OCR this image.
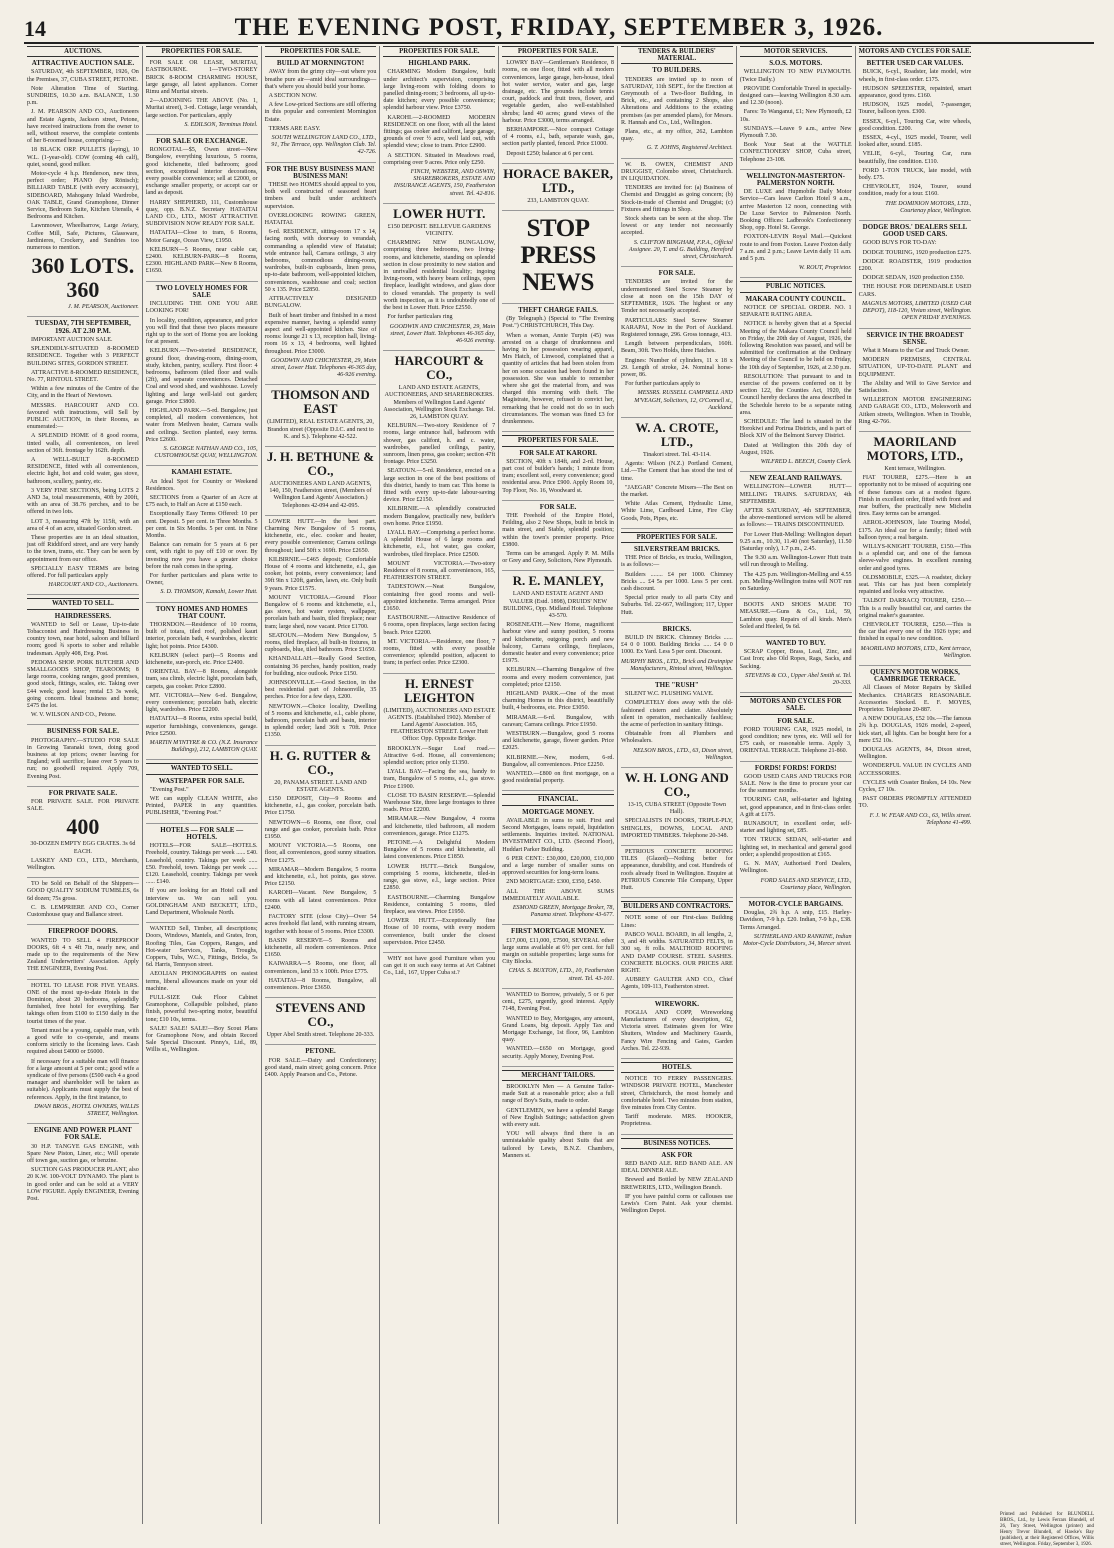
14	THE EVENING POST, FRIDAY, SEPTEMBER 3, 1926.
AUCTIONS.
ATTRACTIVE AUCTION SALE.

SATURDAY, 4th SEPTEMBER, 1926, On the Premises, 37, CUBA STREET, PETONE.

Note Alteration Time of Starting. SUNDRIES, 10.30 a.m. BALANCE, 1.30 p.m.

J. M. PEARSON AND CO., Auctioneers and Estate Agents, Jackson street, Petone, have received instructions from the owner to sell, without reserve, the complete contents of her 8-roomed house, comprising:—

18 BLACK ORP. PULLETS (laying), 10 W.L. (1-year-old). COW (coming 4th calf), quiet, sound, good milker.

Motor-cycle 4 h.p. Henderson, new tires, perfect order; PIANO (by Rönisch); BILLIARD TABLE (with every accessory), SIDEBOARD, Mahogany Inlaid Wardrobe, OAK TABLE, Grand Gramophone, Dinner Service, Bedroom Suite, Kitchen Utensils, 4 Bedrooms and Kitchen.

Lawnmower, Wheelbarrow, Large Aviary, Coffee Mill, Safe, Pictures, Glassware, Jardinieres, Crockery, and Sundries too numerous to mention.

360 LOTS. 360

J. M. PEARSON, Auctioneer.

TUESDAY, 7TH SEPTEMBER, 1926. AT 2.30 P.M.

IMPORTANT AUCTION SALE.

SPLENDIDLY-SITUATED 8-ROOMED RESIDENCE. Together with 3 PERFECT BUILDING SITES, GORDON STREET.

ATTRACTIVE 8-ROOMED RESIDENCE, No. 77, RINTOUL STREET.

Within a few minutes of the Centre of the City, and in the Heart of Newtown.

MESSRS. HARCOURT AND CO. favoured with instructions, will Sell by PUBLIC AUCTION, in their Rooms, as enumerated:—

A SPLENDID HOME of 8 good rooms, tinted walls, all conveniences, on level section of 36ft. frontage by 162ft. depth.

A WELL-BUILT 8-ROOMED RESIDENCE, fitted with all conveniences, electric light, hot and cold water, gas stove, bathroom, scullery, pantry, etc.

3 VERY FINE SECTIONS, being LOTS 2 AND 3a, total measurements, 40ft by 200ft, with an area of 38.76 perches, and to be offered in two lots.

LOT 3, measuring 47ft by 115ft, with an area of 4 of an acre, situated Gordon street.

These properties are in an ideal situation, just off Riddiford street, and are very handy to the town, trams, etc. They can be seen by appointment from our office.

SPECIALLY EASY TERMS are being offered. For full particulars apply

HARCOURT AND CO., Auctioneers.

WANTED TO SELL.
HAIRDRESSERS.

WANTED to Sell or Lease, Up-to-date Tobacconist and Hairdressing Business in country town, near hotel, saloon and billiard room; good ¾ sports to sober and reliable tradesman. Apply 408, Evg. Post.

PEDOMA SHOP. PORK BUTCHER AND SMALLGOODS SHOP, TEAROOMS; 8 large rooms, cooking ranges, good premises, good stock, fittings, scales, etc. Taking over £44 week; good lease; rental £3 3s week, going concern. Ideal business and home; £475 the lot.

W. V. WILSON AND CO., Petone.

BUSINESS FOR SALE.

PHOTOGRAPHY.—STUDIO FOR SALE in Growing Taranaki town, doing good business at top prices; owner leaving for England; will sacrifice; lease over 5 years to run; no goodwill required. Apply 709, Evening Post.

FOR PRIVATE SALE.

FOR PRIVATE SALE. FOR PRIVATE SALE.

400

30-DOZEN EMPTY EGG CRATES. 3s 6d EACH.

LASKEY AND CO., LTD., Merchants, Wellington.

TO be Sold on Behalf of the Shippers— GOOD QUALITY SODIUM TUMBLES, 6s 6d dozen; 75s gross.

C. B. LEMPRIERE AND CO., Corner Customhouse quay and Ballance street.

FIREPROOF DOORS.

WANTED TO SELL 4 FIREPROOF DOORS, 6ft 4 x 4ft 7in, nearly new, and made up to the requirements of the New Zealand Underwriters' Association. Apply THE ENGINEER, Evening Post.

HOTEL TO LEASE FOR FIVE YEARS. ONE of the most up-to-date Hotels in the Dominion, about 20 bedrooms, splendidly furnished, free hotel for everything. Bar takings often from £100 to £150 daily in the tourist times of the year.

Tenant must be a young, capable man, with a good wife to co-operate, and means conform strictly to the licensing laws. Cash required about £4000 or £6000.

If necessary for a suitable man will finance for a large amount at 5 per cent.; good wife a syndicate of five persons (£500 each 4 a good manager and shareholder will be taken as suitable). Applicants must supply the best of references. Apply, in the first instance, to

DWAN BROS., HOTEL OWNERS, WILLIS STREET, Wellington.

ENGINE AND POWER PLANT FOR SALE.

30 H.P. TANGYE GAS ENGINE, with Spare New Piston, Liner, etc.; Will operate off town gas, suction gas, or benzine.

SUCTION GAS PRODUCER PLANT, also 20 K.W. 100-VOLT DYNAMO. The plant is in good order and can be sold at a VERY LOW FIGURE. Apply ENGINEER, Evening Post.

PROPERTIES FOR SALE.

FOR SALE OR LEASE, MURITAI, EASTBOURNE. 1—TWO-STOREY BRICK 8-ROOM CHARMING HOUSE, large garage, all latest appliances. Corner Rimu and Muritai streets.

2—ADJOINING THE ABOVE (No. 1, Muritai street), 3-rd. Cottage, large verandah, large section. For particulars, apply

S. EDILSON, Terminus Hotel.

FOR SALE OR EXCHANGE.

RONGOTAI.—$5, Owen street—New Bungalow, everything luxurious, 5 rooms, good kitchenette, tiled bathroom; good section, exceptional interior decorations, every possible convenience; sell at £2000, or exchange smaller property, or accept car or land as deposit.

HARRY SHEPHERD, 111, Customhouse quay, opp. B.N.Z. Secretary HATAITAI LAND CO., LTD., MOST ATTRACTIVE SUBDIVISION NOW READY FOR SALE.

HATAITAI—Close to tram, 6 Rooms, Motor Garage, Ocean View, £1950.

KELBURN—5 Rooms, near cable car, £2400. KELBURN-PARK—8 Rooms, £2300. HIGHLAND PARK—New 8 Rooms, £1650.

TWO LOVELY HOMES FOR SALE

INCLUDING THE ONE YOU ARE LOOKING FOR!

In locality, condition, appearance, and price you will find that these two places measure right up to the sort of Home you are looking for at present.

KELBURN.—Two-storied RESIDENCE, ground floor, drawing-room, dining-room, study, kitchen, pantry, scullery. First floor: 4 bedrooms, bathroom (tiled floor and walls (2ft), and separate conveniences. Detached Coal and wood shed, and washhouse. Lovely lighting and large well-laid out garden; garage. Price £3800.

HIGHLAND PARK.—5-rd. Bungalow, just completed, all modern conveniences, hot water from Methven heater, Carrara walls and ceilings. Section planted, easy terms. Price £2600.

S. GEORGE NATHAN AND CO., 105, CUSTOMHOUSE QUAY, WELLINGTON.

KAMAHI ESTATE.

An Ideal Spot for Country or Weekend Residences.

SECTIONS from a Quarter of an Acre at £75 each, to Half an Acre at £150 each.

Exceptionally Easy Terms Offered: 10 per cent. Deposit. 5 per cent. in Three Months. 5 per cent. in Six Months. 5 per cent. in Nine Months.

Balance can remain for 5 years at 6 per cent, with right to pay off £10 or over. By investing now you have a greater choice before the rush comes in the spring.

For further particulars and plans write to Owner,

S. D. THOMSON, Kamahi, Lower Hutt.

TONY HOMES AND HOMES THAT COUNT.

THORNDON.—Residence of 10 rooms, built of totara, tiled roof, polished kauri interior, porcelain bath, 4 wardrobes, electric light; hot points. Price £4300.

KELBURN (select part)—5 Rooms and kitchenette, sun-porch, etc. Price £2400.

ORIENTAL BAY—8 Rooms, alongside tram, sea climb, electric light, porcelain bath, carpets, gas cooker. Price £2800.

MT. VICTORIA—New 6-rd. Bungalow, every convenience; porcelain bath, electric light, wardrobes. Price £2200.

HATAITAI—8 Rooms, extra special build, superior furnishings, conveniences, garage. Price £2500.

MARTIN M'INTYRE & CO. (N.Z. Insurance Buildings), 212, LAMBTON QUAY.

WANTED TO SELL.
WASTEPAPER FOR SALE.

"Evening Post."

WE can supply CLEAN WHITE, also Printed, PAPER in any quantities. PUBLISHER, "Evening Post."

HOTELS — FOR SALE — HOTELS.

HOTELS—FOR SALE—HOTELS. Freehold, country. Takings per week ...... £40. Leasehold, country. Takings per week ...... £50. Freehold, town. Takings per week ...... £120. Leasehold, country. Takings per week ...... £140.

If you are looking for an Hotel call and interview us. We can sell you. GOLDINGHAM AND BECKETT, LTD., Land Department, Wholesale North.

WANTED Sell, Timber, all descriptions; Doors, Windows, Mantels, and Grates, Iron, Roofing Tiles, Gas Coppers, Ranges, and Hot-water Services, Tanks, Troughs, Coppers, Tubs, W.C.'s, Fittings, Bricks, 5s 6d. Harris, Tennyson street.

AEOLIAN PHONOGRAPHS on easiest terms, liberal allowances made on your old machine.

FULL-SIZE Oak Floor Cabinet Gramophone, Collapsible polished, piano finish, powerful two-spring motor, beautiful tone; £10 10s, terms.

SALE! SALE! SALE!—Boy Scout Plans for Gramophone Now, and obtain Record Sale Special Discount. Pinny's, Ltd., 89, Willis st., Wellington.

PROPERTIES FOR SALE.
BUILD AT MORNINGTON!

AWAY from the grimy city—out where you breathe pure air—amid ideal surroundings—that's where you should build your home.

A SECTION NOW.

A few Low-priced Sections are still offering in this popular and convenient Mornington Estate.

TERMS ARE EASY.

SOUTH WELLINGTON LAND CO., LTD., 91, The Terrace, opp. Wellington Club. Tel. 42-726.

FOR THE BUSY BUSINESS MAN! BUSINESS MAN!

THESE two HOMES should appeal to you, both well constructed of seasoned heart timbers and built under architect's supervision.

OVERLOOKING ROWING GREEN, HATAITAI.

6-rd. RESIDENCE, sitting-room 17 x 14, facing north, with doorway to verandah, commanding a splendid view of Hataitai; wide entrance hall, Carrara ceilings, 3 airy bedrooms, commodious dining-room, wardrobes, built-in cupboards, linen press, up-to-date bathroom, well-appointed kitchen, conveniences, washhouse and coal; section 50 x 135. Price £2850.

ATTRACTIVELY DESIGNED BUNGALOW.

Built of heart timber and finished in a most expensive manner, having a splendid sunny aspect and well-appointed kitchen. Size of rooms: lounge 21 x 13, reception hall, living-room 16 x 13, 4 bedrooms, well lighted throughout. Price £3000.

GOODWIN AND CHICHESTER, 29, Main street, Lower Hutt. Telephones 46-365 day, 46-926 evening.

THOMSON AND EAST

(LIMITED), REAL ESTATE AGENTS, 20, Brandon street (Opposite D.I.C. and next to K. and S.). Telephone 42-522.

J. H. BETHUNE & CO.,

AUCTIONEERS AND LAND AGENTS, 140, 150, Featherston street, (Members of Wellington Land Agents' Association.) Telephones 42-094 and 42-095.

LOWER HUTT.—In the best part. Charming New Bungalow of 5 rooms, kitchenette, etc., elec. cooker and heater, every possible convenience; Carrara ceilings throughout; land 50ft x 169ft. Price £2650.

KILBIRNIE.—£465 deposit; Comfortable House of 4 rooms and kitchenette, e.l., gas cooker, hot points, every convenience; land 39ft 9in x 120ft, garden, lawn, etc. Only built 9 years. Price £1575.

MOUNT VICTORIA.—Ground Floor Bungalow of 6 rooms and kitchenette, e.l., gas stove, hot water system, wallpaper, porcelain bath and basin, tiled fireplace; near tram; large shed, now vacant. Price £1700.

SEATOUN.—Modern New Bungalow, 5 rooms, tiled fireplace, all built-in fixtures, in cupboards, blue, tiled bathroom. Price £1650.

KHANDALLAH.—Really Good Section, containing 36 perches, handy position, ready for building, nice outlook. Price £150.

JOHNSONVILLE.—Good Section, in the best residential part of Johnsonville, 35 perches. Price for a few days, £200.

NEWTOWN.—Choice locality, Dwelling of 5 rooms and kitchenette, e.l., cable phone, bathroom, porcelain bath and basin, interior in splendid order; land 36ft x 70ft. Price £1350.

H. G. RUTTER & CO.,

20, PANAMA STREET. LAND AND ESTATE AGENTS.

£150 DEPOSIT, City—9 Rooms and kitchenette, e.l., gas cooker, porcelain bath. Price £1750.

NEWTOWN—6 Rooms, one floor, coal range and gas cooker, porcelain bath. Price £1950.

MOUNT VICTORIA.—5 Rooms, one floor, all conveniences, good sunny situation. Price £1275.

MIRAMAR—Modern Bungalow, 5 rooms and kitchenette, e.l., hot points, gas stove. Price £2150.

KAROHI—Vacant. New Bungalow, 5 rooms with all latest conveniences. Price £2400.

FACTORY SITE (close City)—Over 54 acres freehold flat land, with running stream, together with house of 5 rooms. Price £3300.

BASIN RESERVE—5 Rooms and kitchenette, all modern conveniences. Price £1650.

KAIWARRA—5 Rooms, one floor, all conveniences, land 33 x 100ft. Price £775.

HATAITAI—8 Rooms, Bungalow, all conveniences. Price £3650.

STEVENS AND CO.,

Upper Abel Smith street. Telephone 20-333.

PETONE.

FOR SALE.—Dairy and Confectionery; good stand, main street; going concern. Price £400. Apply Pearson and Co., Petone.

PROPERTIES FOR SALE.
HIGHLAND PARK.

CHARMING Modern Bungalow, built under architect's supervision, comprising large living-room with folding doors to panelled dining-room; 3 bedrooms, all up-to-date kitchen; every possible convenience; splendid harbour view. Price £3750.

KAROHI.—2-ROOMED MODERN RESIDENCE on one floor, with all the latest fittings; gas cooker and califont, large garage, grounds of over ½ acre, well laid out, with splendid view; close to tram. Price £2900.

A SECTION. Situated in Meadows road, comprising over 9 acres. Price only £250.

FINCH, WEBSTER, AND OSWIN, SHAREBROKERS, ESTATE AND INSURANCE AGENTS, 150, Featherston street. Tel. 42-816.

LOWER HUTT.

£150 DEPOSIT. BELLEVUE GARDENS VICINITY.

CHARMING NEW BUNGALOW, comprising three bedrooms, two living-rooms, and kitchenette, standing on splendid section in close proximity to new station and in unrivalled residential locality; ingoing living-room, with heavy beam ceilings, open fireplace, leadlight windows, and glass door to closed verandah. The property is well worth inspection, as it is undoubtedly one of the best in Lower Hutt. Price £2550.

For further particulars ring

GOODWIN AND CHICHESTER, 29, Main street, Lower Hutt. Telephones 46-365 day, 46-926 evening.

HARCOURT & CO.,

LAND AND ESTATE AGENTS, AUCTIONEERS, AND SHAREBROKERS. Members of Wellington Land Agents' Association, Wellington Stock Exchange. Tel. 26, LAMBTON QUAY.

KELBURN.—Two-story Residence of 7 rooms, large entrance hall, bathroom with shower, gas califont, h. and c. water, wardrobes, panelled ceilings, pantry, sunroom, linen press, gas cooker; section 47ft frontage. Price £3250.

SEATOUN.—5-rd. Residence, erected on a large section in one of the best positions of this district, handy to tram car. This home is fitted with every up-to-date labour-saving device. Price £2150.

KILBIRNIE.—A splendidly constructed modern Bungalow, practically new, builder's own home. Price £1950.

LYALL BAY.—Comprising a perfect home. A splendid House of 6 large rooms and kitchenette, e.l., hot water, gas cooker, wardrobes, tiled fireplace. Price £2500.

MOUNT VICTORIA.—Two-story Residence of 8 rooms, all conveniences, 165, FEATHERSTON STREET.

TADESTOWN.—Neat Bungalow, containing five good rooms and well-appointed kitchenette. Terms arranged. Price £1650.

EASTBOURNE.—Attractive Residence of 6 rooms, open fireplaces, large section facing beach. Price £2200.

MT. VICTORIA.—Residence, one floor, 7 rooms, fitted with every possible convenience; splendid position, adjacent to tram; in perfect order. Price £2300.

H. ERNEST LEIGHTON

(LIMITED), AUCTIONEERS AND ESTATE AGENTS. (Established 1902). Member of Land Agents' Association. 165, FEATHERSTON STREET. Lower Hutt Office: Opp. Opposite Bridge.

BROOKLYN.—Sugar Loaf road.—Attractive 6-rd. House, all conveniences; splendid section; price only £1350.

LYALL BAY.—Facing the sea, handy to tram, Bungalow of 5 rooms, e.l., gas stove. Price £1900.

CLOSE TO BASIN RESERVE.—Splendid Warehouse Site, three large frontages to three roads. Price £2200.

MIRAMAR.—New Bungalow, 4 rooms and kitchenette, tiled bathroom, all modern conveniences, garage. Price £1275.

PETONE.—A Delightful Modern Bungalow of 5 rooms and kitchenette, all latest conveniences. Price £1850.

LOWER HUTT.—Brick Bungalow, comprising 5 rooms, kitchenette, tiled-in range, gas stove, e.l., large section. Price £2850.

EASTBOURNE.—Charming Bungalow Residence, containing 5 rooms, tiled fireplace, sea views. Price £1950.

LOWER HUTT.—Exceptionally fine House of 10 rooms, with every modern convenience, built under the closest supervision. Price £2450.

WHY not have good Furniture when you can get it on such easy terms at Art Cabinet Co., Ltd., 167, Upper Cuba st.?

PROPERTIES FOR SALE.

LOWRY BAY—Gentleman's Residence, 8 rooms, on one floor, fitted with all modern conveniences, large garage, hen-house, ideal hot water service, water and gas, large drainage, etc. The grounds include tennis court, paddock and fruit trees, flower, and vegetable garden, also well-established shrubs; land 40 acres; grand views of the harbour. Price £3000, terms arranged.

BERHAMPORE.—Nice compact Cottage of 4 rooms, e.l., bath, separate wash, gas, section partly planted, fenced. Price £1000.

Deposit £250; balance at 6 per cent.

HORACE BAKER, LTD.,

233, LAMBTON QUAY.

STOP PRESS NEWS
THEFT CHARGE FAILS.

(By Telegraph.) (Special to "The Evening Post.") CHRISTCHURCH, This Day.

When a woman, Annie Turpin (45) was arrested on a charge of drunkenness and having in her possession wearing apparel, Mrs Hatch, of Linwood, complained that a quantity of articles that had been stolen from her on some occasion had been found in her possession. She was unable to remember where she got the material from, and was charged this morning with theft. The Magistrate, however, refused to convict her, remarking that he could not do so in such circumstances. The woman was fined £3 for drunkenness.

PROPERTIES FOR SALE.
FOR SALE AT KARORI.

SECTION, 40ft x 184ft, and 2-rd. House, part cost of builder's hands; 1 minute from tram; excellent soil, every convenience; good residential area. Price £900. Apply Room 10, Top Floor, No. 16, Woodward st.

FOR SALE.

THE Freehold of the Empire Hotel, Feilding, also 2 New Shops, built in brick in main street, and Stable, splendid position; within the town's premier property. Price £3800.

Terms can be arranged. Apply P. M. Mills or Grey and Grey, Solicitors, New Plymouth.

R. E. MANLEY,

LAND AND ESTATE AGENT AND VALUER (Estd. 1898), DRUIDS' NEW BUILDING, Opp. Midland Hotel. Telephone 43-570.

ROSENEATH.—New Home, magnificent harbour view and sunny position, 5 rooms and kitchenette, outgoing porch and new balcony, Carrara ceilings, fireplaces, domestic heater and every convenience; price £1975.

KELBURN.—Charming Bungalow of five rooms and every modern convenience, just completed; price £2150.

HIGHLAND PARK.—One of the most charming Homes in this district, beautifully built, 4 bedrooms, etc. Price £3050.

MIRAMAR.—6-rd. Bungalow, with caravan; Carrara ceilings. Price £1950.

WESTBURN.—Bungalow, good 5 rooms and kitchenette, garage, flower garden. Price £2025.

KILBIRNIE.—New, modern, 6-rd. Bungalow, all conveniences. Price £2250.

WANTED.—£800 on first mortgage, on a good residential property.

FINANCIAL.
MORTGAGE MONEY.

AVAILABLE in sums to suit. First and Second Mortgages, loans repaid, liquidation settlements. Inquiries invited. NATIONAL INVESTMENT CO., LTD. (Second Floor), Huddart Parker Building.

6 PER CENT.: £30,000, £20,000, £10,000 and a large number of smaller sums on approved securities for long-term loans.

2ND MORTGAGE: £300, £350, £450.

ALL THE ABOVE SUMS IMMEDIATELY AVAILABLE.

ESMOND GREEN, Mortgage Broker, 78, Panama street. Telephone 43-677.

FIRST MORTGAGE MONEY.

£17,000, £11,000, £7500, SEVERAL other large sums available at 6½ per cent. for full margin on suitable properties; large sums for City Blocks.

CHAS. S. BUXTON, LTD., 10, Featherston street. Tel. 43-101.

WANTED to Borrow, privately, 5 or 6 per cent., £275, urgently, good interest. Apply 7148, Evening Post.

WANTED to Buy, Mortgages, any amount, Grand Loans, big deposit. Apply Tax and Mortgage Exchange, 1st floor, 96, Lambton quay.

WANTED.—£650 on Mortgage, good security. Apply Money, Evening Post.

MERCHANT TAILORS.

BROOKLYN Men — A Genuine Tailor-made Suit at a reasonable price; also a full range of Boy's Suits, made to order.

GENTLEMEN, we have a splendid Range of New English Suitings; satisfaction given with every suit.

YOU will always find there is an unmistakable quality about Suits that are tailored by Lewis, B.N.Z. Chambers, Manners st.

TENDERS & BUILDERS' MATERIAL.
TO BUILDERS.

TENDERS are invited up to noon of SATURDAY, 11th SEPT., for the Erection at Greymouth of a Two-floor Building, in Brick, etc., and containing 2 Shops, also Alterations and Additions to the existing premises (as per amended plans), for Messrs. R. Hannah and Co., Ltd., Wellington.

Plans, etc., at my office, 262, Lambton quay.

G. T. JOHNS, Registered Architect.

W. B. OWEN, CHEMIST AND DRUGGIST, Colombo street, Christchurch. IN LIQUIDATION.

TENDERS are invited for: (a) Business of Chemist and Druggist as going concern; (b) Stock-in-trade of Chemist and Druggist; (c) Fixtures and fittings in Shop.

Stock sheets can be seen at the shop. The lowest or any tender not necessarily accepted.

S. CLIFTON BINGHAM, F.P.A., Official Assignee. 20, T. and G. Building, Hereford street, Christchurch.

FOR SALE.

TENDERS are invited for the undermentioned Steel Screw Steamer by close at noon on the 15th DAY of SEPTEMBER, 1926. The highest or any Tender not necessarily accepted.

PARTICULARS: Steel Screw Steamer KARAPAI, Now in the Port of Auckland. Registered tonnage, 296. Gross tonnage, 413.

Length between perpendiculars, 160ft. Beam, 30ft. Two Holds, three Hatches.

Engines: Number of cylinders, 11 x 18 x 29. Length of stroke, 24. Nominal horse-power, 86.

For further particulars apply to

MESSRS. RUSSELL CAMPBELL AND M'VEAGH, Solicitors, 12, O'Connell st., Auckland.

W. A. CROTE, LTD.,

Tinakori street. Tel. 43-114.

Agents: Wilson (N.Z.) Portland Cement, Ltd.—The Cement that has stood the test of time.

"JAEGAR" Concrete Mixers—The Best on the market.

White Atlas Cement, Hydraulic Lime, White Lime, Cardboard Lime, Fire Clay Goods, Pots, Pipes, etc.

PROPERTIES FOR SALE.
SILVERSTREAM BRICKS.

THE Price of Bricks, ex trucks, Wellington, is as follows:—

Builders ........ £4 per 1000. Chimney Bricks .... £4 5s per 1000. Less 5 per cent. cash discount.

Special price ready to all parts City and Suburbs. Tel. 22-667, Wellington; 117, Upper Hutt.

BRICKS.

BUILD IN BRICK. Chimney Bricks ...... £4 0 0 1000. Building Bricks ..... £4 0 0 1000. Ex Yard. Less 5 per cent. Discount.

MURPHY BROS., LTD., Brick and Drainpipe Manufacturers, Rintoul street, Wellington.

THE "RUSH"

SILENT W.C. FLUSHING VALVE.

COMPLETELY does away with the old-fashioned cistern and clatter. Absolutely silent in operation, mechanically faultless; the acme of perfection in sanitary fittings.

Obtainable from all Plumbers and Wholesalers.

NELSON BROS., LTD., 63, Dixon street, Wellington.

W. H. LONG AND CO.,

13-15, CUBA STREET (Opposite Town Hall).

SPECIALISTS IN DOORS, TRIPLE-PLY, SHINGLES, DOWNS, LOCAL AND IMPORTED TIMBERS. Telephone 20-348.

PETRIOUS CONCRETE ROOFING TILES (Glazed)—Nothing better for appearance, durability, and cost. Hundreds of roofs already fixed in Wellington. Enquire at PETRIOUS Concrete Tile Company, Upper Hutt.

BUILDERS AND CONTRACTORS.

NOTE some of our First-class Building Lines:

PABCO WALL BOARD, in all lengths, 2, 3, and 4ft widths. SATURATED FELTS, in 300 sq. ft rolls. MALTHOID ROOFING AND DAMP COURSE. STEEL SASHES. CONCRETE BLOCKS. OUR PRICES ARE RIGHT.

AUBREY GAULTER AND CO., Chief Agents, 109-113, Featherston street.

WIREWORK.

FOGLIA AND COPP, Wireworking Manufacturers of every description, 62, Victoria street. Estimates given for Wire Shutters, Window and Machinery Guards, Fancy Wire Fencing and Gates, Garden Arches. Tel. 22-939.

HOTELS.

NOTICE TO FERRY PASSENGERS. WINDSOR PRIVATE HOTEL, Manchester street, Christchurch, the most homely and comfortable hotel. Two minutes from station, five minutes from City Centre.

Tariff moderate. MRS. HOOKER, Proprietress.

BUSINESS NOTICES.
ASK FOR

RED BAND ALE. RED BAND ALE. AN IDEAL DINNER ALE.

Brewed and Bottled by NEW ZEALAND BREWERIES, LTD., Wellington Branch.

IF you have painful corns or callouses use Lewis's Corn Paint. Ask your chemist. Wellington Depot.

MOTOR SERVICES.
S.O.S. MOTORS.

WELLINGTON TO NEW PLYMOUTH. (Twice Daily.)

PROVIDE Comfortable Travel in specially-designed cars—leaving Wellington 8.30 a.m. and 12.30 (noon).

Fares: To Wanganui, £1; New Plymouth, £2 10s.

SUNDAYS.—Leave 9 a.m., arrive New Plymouth 7.30.

Book Your Seat at the WATTLE CONFECTIONERY SHOP, Cuba street, Telephone 23-108.

WELLINGTON-MASTERTON-PALMERSTON NORTH.

DE LUXE and Hupmobile Daily Motor Service—Cars leave Carlton Hotel 9 a.m., arrive Masterton 12 noon, connecting with De Luxe Service to Palmerston North. Booking Offices: Ladbrook's Confectionery Shop, opp. Hotel St. George.

FOXTON-LEVIN Royal Mail.—Quickest route to and from Foxton. Leave Foxton daily 7 a.m. and 2 p.m.; Leave Levin daily 11 a.m. and 5 p.m.

W. ROUT, Proprietor.

PUBLIC NOTICES.
MAKARA COUNTY COUNCIL.

NOTICE OF SPECIAL ORDER. NO. 1 SEPARATE RATING AREA.

NOTICE is hereby given that at a Special Meeting of the Makara County Council held on Friday, the 20th day of August, 1926, the following Resolution was passed, and will be submitted for confirmation at the Ordinary Meeting of the Council to be held on Friday, the 10th day of September, 1926, at 2.30 p.m.

RESOLUTION: That pursuant to and in exercise of the powers conferred on it by section 122, the Counties Act, 1920, the Council hereby declares the area described in the Schedule hereto to be a separate rating area.

SCHEDULE: The land is situated in the Horokiwi and Porirua Districts, and is part of Block XIV of the Belmont Survey District.

Dated at Wellington this 20th day of August, 1926.

WILFRED L. BEECH, County Clerk.

NEW ZEALAND RAILWAYS.

WELLINGTON—LOWER HUTT—MELLING TRAINS. SATURDAY, 4th SEPTEMBER.

AFTER SATURDAY, 4th SEPTEMBER, the above-mentioned services will be altered as follows:— TRAINS DISCONTINUED.

For Lower Hutt-Melling: Wellington depart 9.25 a.m., 10.30, 11.40 (not Saturday), 11.50 (Saturday only), 1.7 p.m., 2.45.

The 9.30 a.m. Wellington-Lower Hutt train will run through to Melling.

The 4.25 p.m. Wellington-Melling and 4.55 p.m. Melling-Wellington trains will NOT run on Saturday.

BOOTS AND SHOES MADE TO MEASURE.—Guns & Co., Ltd., 59, Lambton quay. Repairs of all kinds. Men's Soled and Heeled, 9s 6d.

WANTED TO BUY.

SCRAP Copper, Brass, Lead, Zinc, and Cast Iron; also Old Ropes, Rags, Sacks, and Sacking.

STEVENS & CO., Upper Abel Smith st. Tel. 20-333.

MOTORS AND CYCLES FOR SALE.
FOR SALE.

FORD TOURING CAR, 1925 model, in good condition; new tyres, etc. Will sell for £75 cash, or reasonable terms. Apply 3, ORIENTAL TERRACE. Telephone 21-860.

FORDS! FORDS! FORDS!

GOOD USED CARS AND TRUCKS FOR SALE. Now is the time to procure your car for the summer months.

TOURING CAR, self-starter and lighting set, good appearance, and in first-class order. A gift at £175.

RUNABOUT, in excellent order, self-starter and lighting set, £85.

TON TRUCK SEDAN, self-starter and lighting set, in mechanical and general good order; a splendid proposition at £165.

G. N. MAY, Authorised Ford Dealers, Wellington.

FORD SALES AND SERVICE, LTD., Courtenay place, Wellington.

MOTOR-CYCLE BARGAINS.

Douglas, 2¾ h.p. A snip, £15. Harley-Davidson, 7-9 h.p. £20. Indian, 7-9 h.p., £38. Terms Arranged.

SUTHERLAND AND RANKINE, Indian Motor-Cycle Distributors, 34, Mercer street.

MOTORS AND CYCLES FOR SALE.
BETTER USED CAR VALUES.

BUICK, 6-cyl., Roadster, late model, wire wheels, in first-class order. £175.

HUDSON SPEEDSTER, repainted, smart appearance, good tyres. £160.

HUDSON, 1925 model, 7-passenger, Tourer, balloon tyres. £300.

ESSEX, 6-cyl., Touring Car, wire wheels, good condition. £200.

ESSEX, 4-cyl., 1925 model, Tourer, well looked after, sound. £185.

VELIE, 6-cyl., Touring Car, runs beautifully, fine condition. £110.

FORD 1-TON TRUCK, late model, with body. £75.

CHEVROLET, 1924, Tourer, sound condition, ready for a tour. £160.

THE DOMINION MOTORS, LTD., Courtenay place, Wellington.

DODGE BROS.' DEALERS SELL GOOD USED CARS.

GOOD BUYS FOR TO-DAY:

DODGE TOURING, 1920 production £275.

DODGE ROADSTER, 1919 production £200.

DODGE SEDAN, 1920 production £350.

THE HOUSE FOR DEPENDABLE USED CARS.

MAGNUS MOTORS, LIMITED (USED CAR DEPOT), 118-120, Vivian street, Wellington. OPEN FRIDAY EVENINGS.

SERVICE IN THE BROADEST SENSE.

What it Means to the Car and Truck Owner.

MODERN PREMISES, CENTRAL SITUATION, UP-TO-DATE PLANT and EQUIPMENT.

The Ability and Will to Give Service and Satisfaction.

WILLERTON MOTOR ENGINEERING AND GARAGE CO., LTD., Molesworth and Aitken streets, Wellington. When in Trouble, Ring 42-766.

MAORILAND MOTORS, LTD.,

Kent terrace, Wellington.

FIAT TOURER, £275.—Here is an opportunity not to be missed of acquiring one of these famous cars at a modest figure. Finish in excellent order, fitted with front and rear buffers, the practically new Michelin tires. Easy terms can be arranged.

AEROL-JOHNSON, late Touring Model, £175. An ideal car for a family; fitted with balloon tyres; a real bargain.

WILLYS-KNIGHT TOURER, £150.—This is a splendid car, and one of the famous sleeve-valve engines. In excellent running order and good tyres.

OLDSMOBILE, £325.—A roadster, dickey seat. This car has just been completely repainted and looks very attractive.

TALBOT DARRACQ TOURER, £250.—This is a really beautiful car, and carries the original maker's guarantee.

CHEVROLET TOURER, £250.—This is the car that every one of the 1926 type; and finished in equal to new condition.

MAORILAND MOTORS, LTD., Kent terrace, Wellington.

QUEEN'S MOTOR WORKS, CAMBRIDGE TERRACE.

All Classes of Motor Repairs by Skilled Mechanics. CHARGES REASONABLE. Accessories Stocked. E. F. MOYES, Proprietor. Telephone 20-887.

A NEW DOUGLAS, £52 10s.—The famous 2¾ h.p. DOUGLAS, 1926 model, 2-speed, kick start, all lights. Can be bought here for a mere £52 10s.

DOUGLAS AGENTS, 84, Dixon street, Wellington.

WONDERFUL VALUE IN CYCLES AND ACCESSORIES.

CYCLES with Coaster Brakes, £4 10s. New Cycles, £7 10s.

PAST ORDERS PROMPTLY ATTENDED TO.

F. J. W. FEAR AND CO., 63, Willis street. Telephone 41-499.

Printed and Published for BLUNDELL BROS., Ltd., by Lewis Ferrars Blundell, of 26, Tory Street, Wellington (printer) and Henry Trevor Blundell, of Hawke's Bay (publisher), at their Registered Offices, Willis street, Wellington. Friday, September 3, 1926.
